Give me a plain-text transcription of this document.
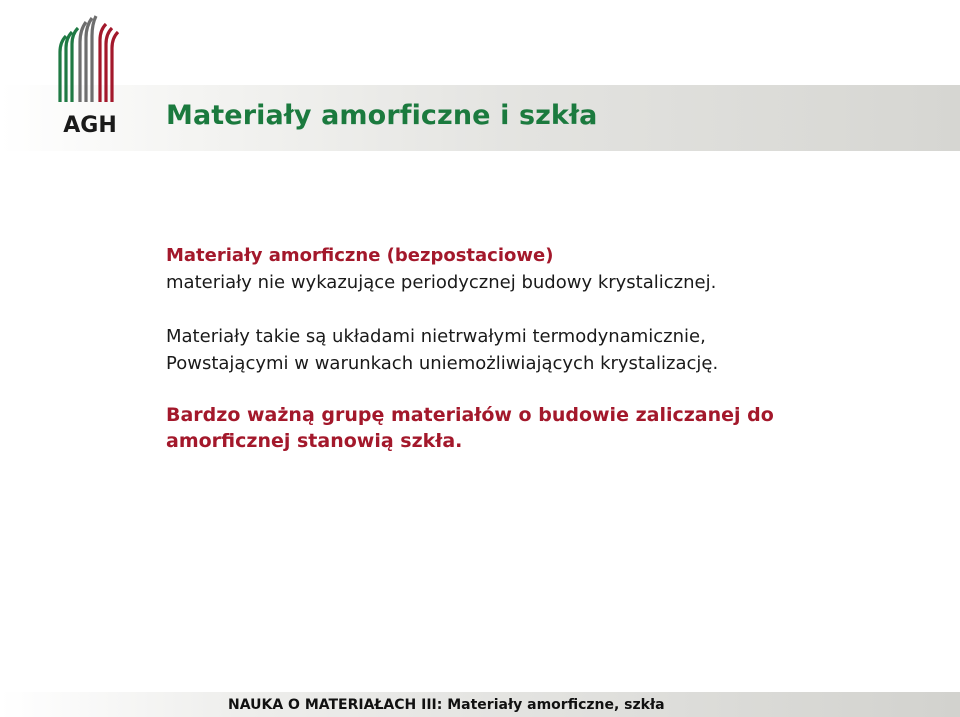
AGH Materiały amorficzne i szkła

Materiały amorficzne (bezpostaciowe)

materiały nie wykazujące periodycznej budowy krystalicznej.

Materiały takie są układami nietrwałymi termodynamicznie,

Powstającymi w warunkach uniemożliwiających krystalizację.

Bardzo ważną grupę materiałów o budowie zaliczanej do

amorficznej stanowią szkła.

NAUKA O MATERIAŁACH III: Materiały amorficzne, szkła
